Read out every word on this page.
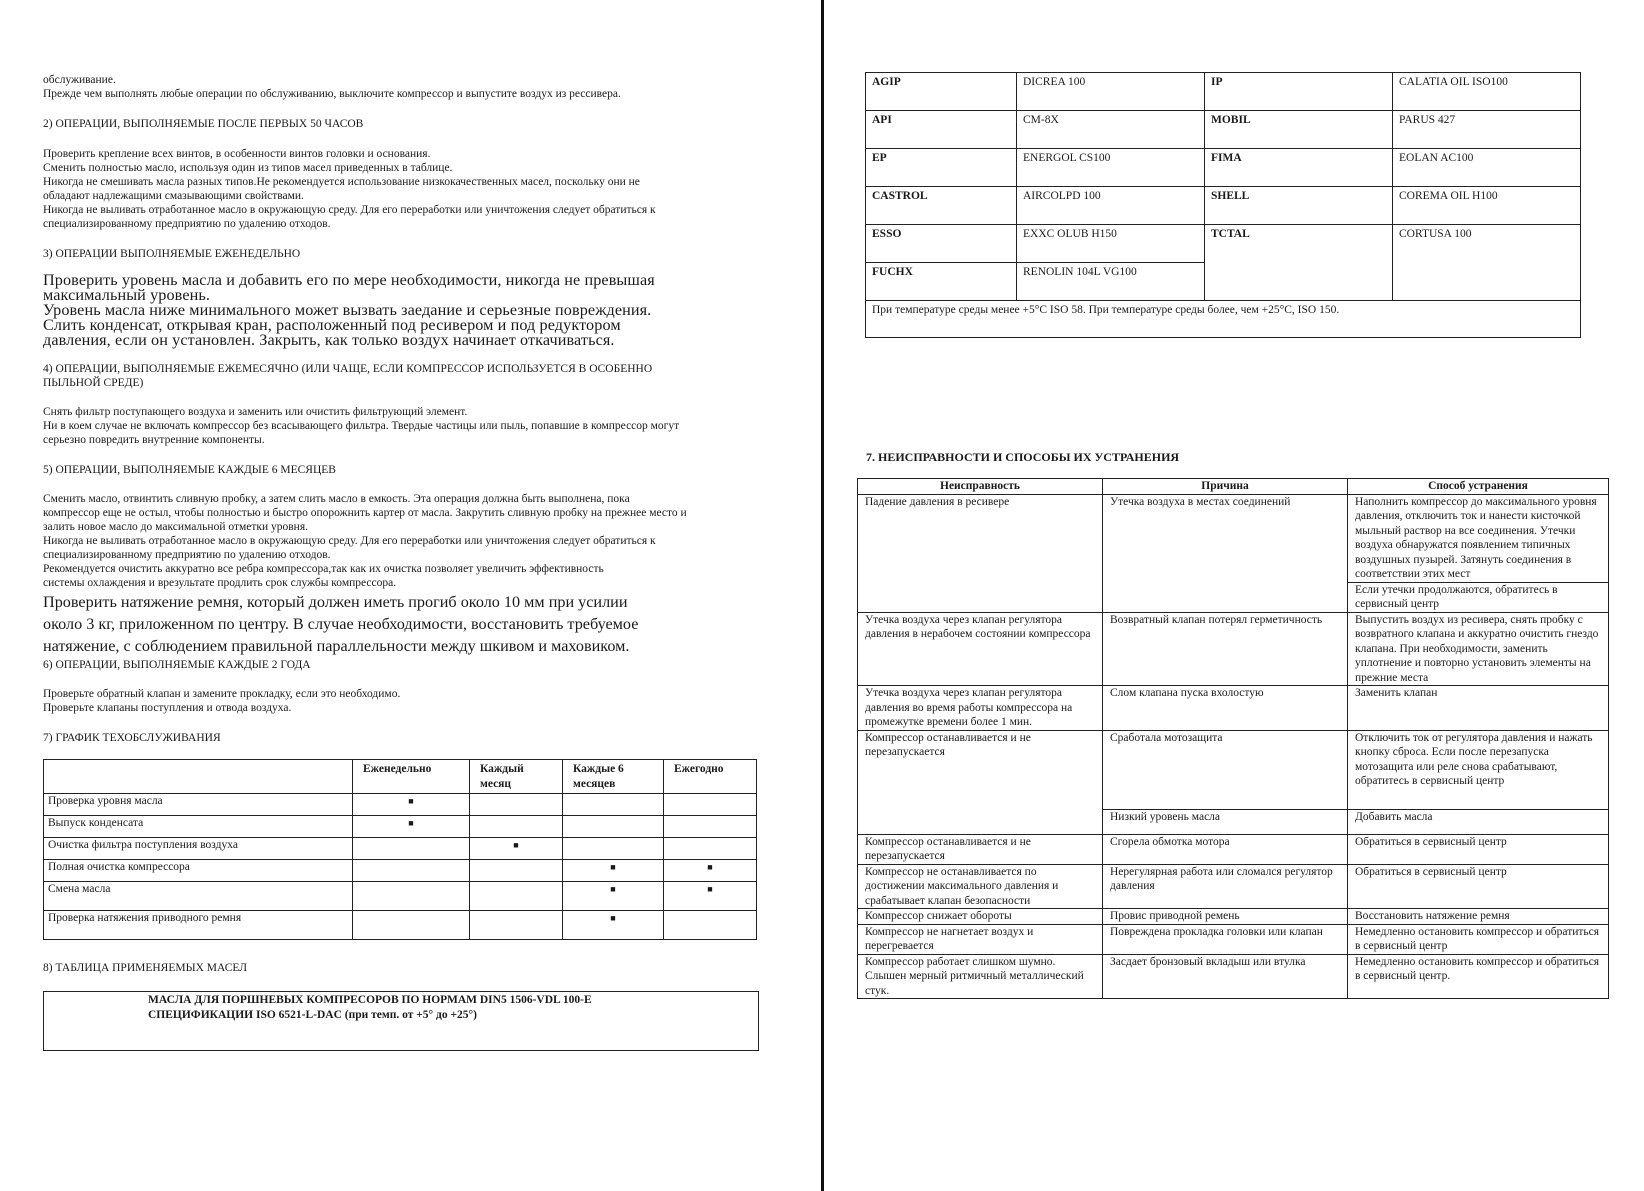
обслуживание.
Прежде чем выполнять любые операции по обслуживанию, выключите компрессор и выпустите воздух из рессивера.
2) ОПЕРАЦИИ, ВЫПОЛНЯЕМЫЕ ПОСЛЕ ПЕРВЫХ 50 ЧАСОВ
Проверить крепление всех винтов, в особенности винтов головки и основания.
Сменить полностью масло, используя один из типов масел приведенных в таблице.
Никогда не смешивать масла разных типов.Не рекомендуется использование низкокачественных масел, поскольку они не
обладают надлежащими смазывающими свойствами.
Никогда не выливать отработанное масло в окружающую среду. Для его переработки или уничтожения следует обратиться к
специализированному предприятию по удалению отходов.
3) ОПЕРАЦИИ ВЫПОЛНЯЕМЫЕ ЕЖЕНЕДЕЛЬНО
Проверить уровень масла и добавить его по мере необходимости, никогда не превышая
максимальный уровень.
Уровень масла ниже минимального может вызвать заедание и серьезные повреждения.
Слить конденсат, открывая кран, расположенный под ресивером и под редуктором
давления, если он установлен. Закрыть, как только воздух начинает откачиваться.
4) ОПЕРАЦИИ, ВЫПОЛНЯЕМЫЕ ЕЖЕМЕСЯЧНО (ИЛИ ЧАЩЕ, ЕСЛИ КОМПРЕССОР ИСПОЛЬЗУЕТСЯ В ОСОБЕННО
ПЫЛЬНОЙ СРЕДЕ)
Снять фильтр поступающего воздуха и заменить или очистить фильтрующий элемент.
Ни в коем случае не включать компрессор без всасывающего фильтра. Твердые частицы или пыль, попавшие в компрессор могут
серьезно повредить внутренние компоненты.
5) ОПЕРАЦИИ, ВЫПОЛНЯЕМЫЕ КАЖДЫЕ 6 МЕСЯЦЕВ
Сменить масло, отвинтить сливную пробку, а затем слить масло в емкость. Эта операция должна быть выполнена, пока
компрессор еще не остыл, чтобы полностью и быстро опорожнить картер от масла. Закрутить сливную пробку на прежнее место и
залить новое масло до максимальной отметки уровня.
Никогда не выливать отработанное масло в окружающую среду. Для его переработки или уничтожения следует обратиться к
специализированному предприятию по удалению отходов.
Рекомендуется очистить аккуратно все ребра компрессора,так как их очистка позволяет увеличить эффективность
системы охлаждения и врезультате продлить срок службы компрессора.
Проверить натяжение ремня, который должен иметь прогиб около 10 мм при усилии
около 3 кг, приложенном по центру. В случае необходимости, восстановить требуемое
натяжение, с соблюдением правильной параллельности между шкивом и маховиком.
6) ОПЕРАЦИИ, ВЫПОЛНЯЕМЫЕ КАЖДЫЕ 2 ГОДА
Проверьте обратный клапан и замените прокладку, если это необходимо.
Проверьте клапаны поступления и отвода воздуха.
7) ГРАФИК ТЕХОБСЛУЖИВАНИЯ
	Еженедельно	Каждый месяц	Каждые 6 месяцев	Ежегодно
Проверка уровня масла	■			
Выпуск конденсата	■			
Очистка фильтра поступления воздуха		■		
Полная очистка компрессора			■	■
Смена масла			■	■
Проверка натяжения приводного ремня			■	
8) ТАБЛИЦА ПРИМЕНЯЕМЫХ МАСЕЛ
МАСЛА ДЛЯ ПОРШНЕВЫХ КОМПРЕСОРОВ ПО НОРМАМ DIN5 1506-VDL 100-E
СПЕЦИФИКАЦИИ ISO 6521-L-DAC (при темп. от +5° до +25°)
AGIP	DICREA 100	IP	CALATIA OIL ISO100
API	CM-8X	MOBIL	PARUS 427
EP	ENERGOL CS100	FIMA	EOLAN AC100
CASTROL	AIRCOLPD 100	SHELL	COREMA OIL H100
ESSO	EXXC OLUB H150	TCTAL	CORTUSA 100
FUCHX	RENOLIN 104L VG100		
При температуре среды менее +5°C ISO 58. При температуре среды более, чем +25°C, ISO 150.			
7. НЕИСПРАВНОСТИ И СПОСОБЫ ИХ УСТРАНЕНИЯ
Неисправность	Причина	Способ устранения
Падение давления в ресивере	Утечка воздуха в местах соединений	Наполнить компрессор до максимального уровня давления, отключить ток и нанести кисточкой мыльный раствор на все соединения. Утечки воздуха обнаружатся появлением типичных воздушных пузырей. Затянуть соединения в соответствии этих мест
		Если утечки продолжаются, обратитесь в сервисный центр
Утечка воздуха через клапан регулятора давления в нерабочем состоянии компрессора	Возвратный клапан потерял герметичность	Выпустить воздух из ресивера, снять пробку с возвратного клапана и аккуратно очистить гнездо клапана. При необходимости, заменить уплотнение и повторно установить элементы на прежние места
Утечка воздуха через клапан регулятора давления во время работы компрессора на промежутке времени более 1 мин.	Слом клапана пуска вхолостую	Заменить клапан
Компрессор останавливается и не перезапускается	Сработала мотозащита	Отключить ток от регулятора давления и нажать кнопку сброса. Если после перезапуска мотозащита или реле снова срабатывают, обратитесь в сервисный центр
	Низкий уровень масла	Добавить масла
Компрессор останавливается и не перезапускается	Сгорела обмотка мотора	Обратиться в сервисный центр
Компрессор не останавливается по достижении максимального давления и срабатывает клапан безопасности	Нерегулярная работа или сломался регулятор давления	Обратиться в сервисный центр
Компрессор снижает обороты	Провис приводной ремень	Восстановить натяжение ремня
Компрессор не нагнетает воздух и перегревается	Повреждена прокладка головки или клапан	Немедленно остановить компрессор и обратиться в сервисный центр
Компрессор работает слишком шумно. Слышен мерный ритмичный металлический стук.	Засдает бронзовый вкладыш или втулка	Немедленно остановить компрессор и обратиться в сервисный центр.
